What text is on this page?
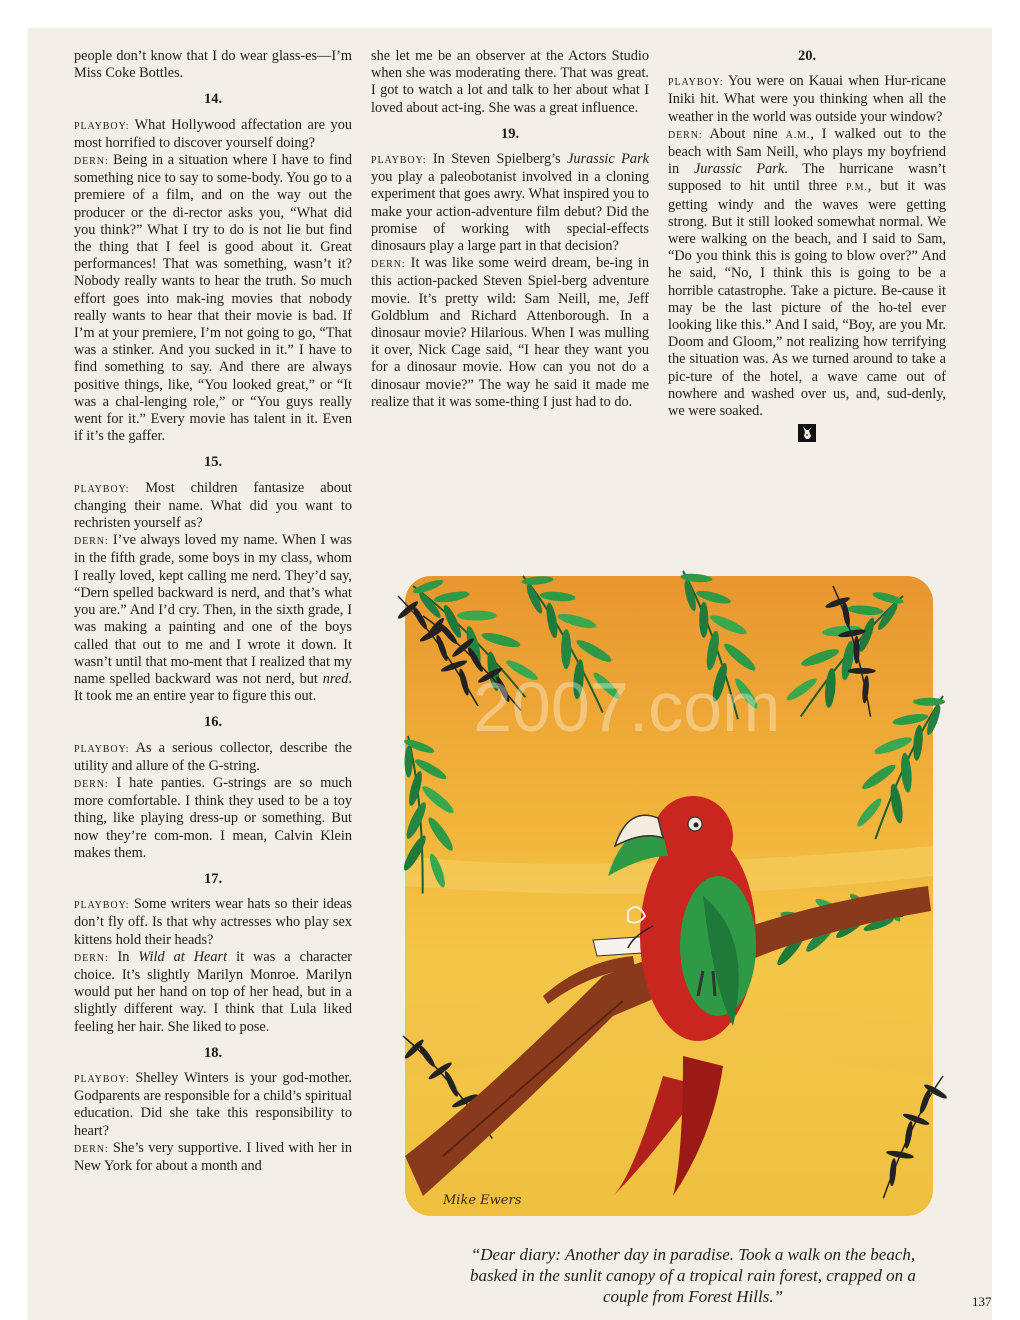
people don’t know that I do wear glass-es—I’m Miss Coke Bottles.

14.

PLAYBOY: What Hollywood affectation are you most horrified to discover yourself doing?

DERN: Being in a situation where I have to find something nice to say to some-body. You go to a premiere of a film, and on the way out the producer or the di-rector asks you, “What did you think?” What I try to do is not lie but find the thing that I feel is good about it. Great performances! That was something, wasn’t it? Nobody really wants to hear the truth. So much effort goes into mak-ing movies that nobody really wants to hear that their movie is bad. If I’m at your premiere, I’m not going to go, “That was a stinker. And you sucked in it.” I have to find something to say. And there are always positive things, like, “You looked great,” or “It was a chal-lenging role,” or “You guys really went for it.” Every movie has talent in it. Even if it’s the gaffer.

15.

PLAYBOY: Most children fantasize about changing their name. What did you want to rechristen yourself as?

DERN: I’ve always loved my name. When I was in the fifth grade, some boys in my class, whom I really loved, kept calling me nerd. They’d say, “Dern spelled backward is nerd, and that’s what you are.” And I’d cry. Then, in the sixth grade, I was making a painting and one of the boys called that out to me and I wrote it down. It wasn’t until that mo-ment that I realized that my name spelled backward was not nerd, but nred. It took me an entire year to figure this out.

16.

PLAYBOY: As a serious collector, describe the utility and allure of the G-string.

DERN: I hate panties. G-strings are so much more comfortable. I think they used to be a toy thing, like playing dress-up or something. But now they’re com-mon. I mean, Calvin Klein makes them.

17.

PLAYBOY: Some writers wear hats so their ideas don’t fly off. Is that why actresses who play sex kittens hold their heads?

DERN: In Wild at Heart it was a character choice. It’s slightly Marilyn Monroe. Marilyn would put her hand on top of her head, but in a slightly different way. I think that Lula liked feeling her hair. She liked to pose.

18.

PLAYBOY: Shelley Winters is your god-mother. Godparents are responsible for a child’s spiritual education. Did she take this responsibility to heart?

DERN: She’s very supportive. I lived with her in New York for about a month and

she let me be an observer at the Actors Studio when she was moderating there. That was great. I got to watch a lot and talk to her about what I loved about act-ing. She was a great influence.

19.

PLAYBOY: In Steven Spielberg’s Jurassic Park you play a paleobotanist involved in a cloning experiment that goes awry. What inspired you to make your action-adventure film debut? Did the promise of working with special-effects dinosaurs play a large part in that decision?

DERN: It was like some weird dream, be-ing in this action-packed Steven Spiel-berg adventure movie. It’s pretty wild: Sam Neill, me, Jeff Goldblum and Richard Attenborough. In a dinosaur movie? Hilarious. When I was mulling it over, Nick Cage said, “I hear they want you for a dinosaur movie. How can you not do a dinosaur movie?” The way he said it made me realize that it was some-thing I just had to do.

20.

PLAYBOY: You were on Kauai when Hur-ricane Iniki hit. What were you thinking when all the weather in the world was outside your window?

DERN: About nine A.M., I walked out to the beach with Sam Neill, who plays my boyfriend in Jurassic Park. The hurricane wasn’t supposed to hit until three P.M., but it was getting windy and the waves were getting strong. But it still looked somewhat normal. We were walking on the beach, and I said to Sam, “Do you think this is going to blow over?” And he said, “No, I think this is going to be a horrible catastrophe. Take a picture. Be-cause it may be the last picture of the ho-tel ever looking like this.” And I said, “Boy, are you Mr. Doom and Gloom,” not realizing how terrifying the situation was. As we turned around to take a pic-ture of the hotel, a wave came out of nowhere and washed over us, and, sud-denly, we were soaked.

2007.com
Mike Ewers
“Dear diary: Another day in paradise. Took a walk on the beach, basked in the sunlit canopy of a tropical rain forest, crapped on a couple from Forest Hills.”	137
